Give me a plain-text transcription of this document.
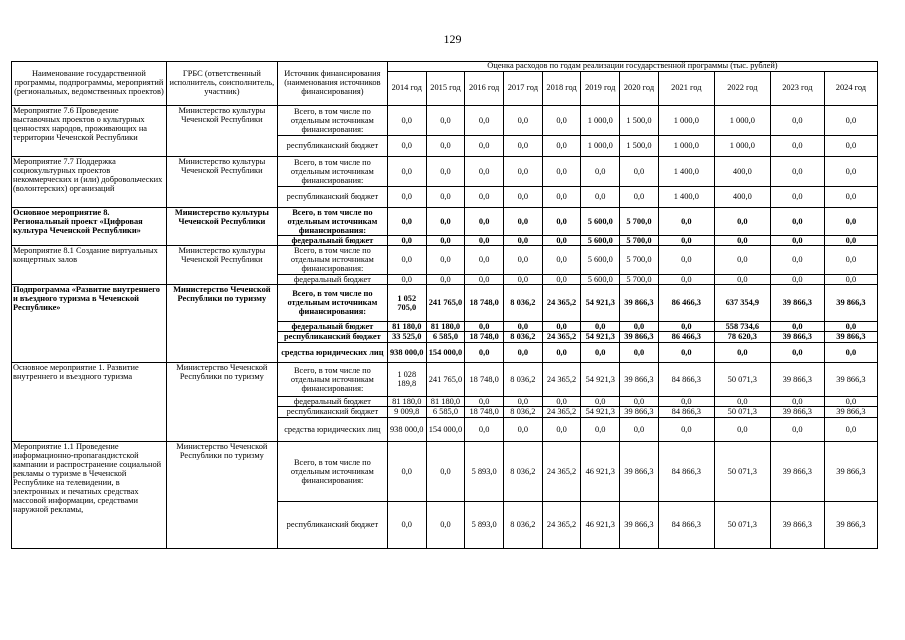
129
Наименование государственной программы, подпрограммы, мероприятий (региональных, ведомственных проектов)	ГРБС (ответственный исполнитель, соисполнитель, участник)	Источник финансирования (наименования источников финансирования)	Оценка расходов по годам реализации государственной программы (тыс. рублей)										
			2014 год	2015 год	2016 год	2017 год	2018 год	2019 год	2020 год	2021 год	2022 год	2023 год	2024 год
Мероприятие 7.6 Проведение выставочных проектов о культурных ценностях народов, проживающих на территории Чеченской Республики	Министерство культуры Чеченской Республики	Всего, в том числе по отдельным источникам финансирования:	0,0	0,0	0,0	0,0	0,0	1 000,0	1 500,0	1 000,0	1 000,0	0,0	0,0
		республиканский бюджет	0,0	0,0	0,0	0,0	0,0	1 000,0	1 500,0	1 000,0	1 000,0	0,0	0,0
Мероприятие 7.7 Поддержка социокультурных проектов некоммерческих и (или) добровольческих (волонтерских) организаций	Министерство культуры Чеченской Республики	Всего, в том числе по отдельным источникам финансирования:	0,0	0,0	0,0	0,0	0,0	0,0	0,0	1 400,0	400,0	0,0	0,0
		республиканский бюджет	0,0	0,0	0,0	0,0	0,0	0,0	0,0	1 400,0	400,0	0,0	0,0
Основное мероприятие 8. Региональный проект «Цифровая культура Чеченской Республики»	Министерство культуры Чеченской Республики	Всего, в том числе по отдельным источникам финансирования:	0,0	0,0	0,0	0,0	0,0	5 600,0	5 700,0	0,0	0,0	0,0	0,0
		федеральный бюджет	0,0	0,0	0,0	0,0	0,0	5 600,0	5 700,0	0,0	0,0	0,0	0,0
Мероприятие 8.1 Создание виртуальных концертных залов	Министерство культуры Чеченской Республики	Всего, в том числе по отдельным источникам финансирования:	0,0	0,0	0,0	0,0	0,0	5 600,0	5 700,0	0,0	0,0	0,0	0,0
		федеральный бюджет	0,0	0,0	0,0	0,0	0,0	5 600,0	5 700,0	0,0	0,0	0,0	0,0
Подпрограмма «Развитие внутреннего и въездного туризма в Чеченской Республике»	Министерство Чеченской Республики по туризму	Всего, в том числе по отдельным источникам финансирования:	1 052 705,0	241 765,0	18 748,0	8 036,2	24 365,2	54 921,3	39 866,3	86 466,3	637 354,9	39 866,3	39 866,3
		федеральный бюджет	81 180,0	81 180,0	0,0	0,0	0,0	0,0	0,0	0,0	558 734,6	0,0	0,0
		республиканский бюджет	33 525,0	6 585,0	18 748,0	8 036,2	24 365,2	54 921,3	39 866,3	86 466,3	78 620,3	39 866,3	39 866,3
		средства юридических лиц	938 000,0	154 000,0	0,0	0,0	0,0	0,0	0,0	0,0	0,0	0,0	0,0
Основное мероприятие 1. Развитие внутреннего и въездного туризма	Министерство Чеченской Республики по туризму	Всего, в том числе по отдельным источникам финансирования:	1 028 189,8	241 765,0	18 748,0	8 036,2	24 365,2	54 921,3	39 866,3	84 866,3	50 071,3	39 866,3	39 866,3
		федеральный бюджет	81 180,0	81 180,0	0,0	0,0	0,0	0,0	0,0	0,0	0,0	0,0	0,0
		республиканский бюджет	9 009,8	6 585,0	18 748,0	8 036,2	24 365,2	54 921,3	39 866,3	84 866,3	50 071,3	39 866,3	39 866,3
		средства юридических лиц	938 000,0	154 000,0	0,0	0,0	0,0	0,0	0,0	0,0	0,0	0,0	0,0
Мероприятие 1.1 Проведение информационно-пропагандистской кампании и распространение социальной рекламы о туризме в Чеченской Республике на телевидении, в электронных и печатных средствах массовой информации, средствами наружной рекламы,	Министерство Чеченской Республики по туризму	Всего, в том числе по отдельным источникам финансирования:	0,0	0,0	5 893,0	8 036,2	24 365,2	46 921,3	39 866,3	84 866,3	50 071,3	39 866,3	39 866,3
		республиканский бюджет	0,0	0,0	5 893,0	8 036,2	24 365,2	46 921,3	39 866,3	84 866,3	50 071,3	39 866,3	39 866,3
